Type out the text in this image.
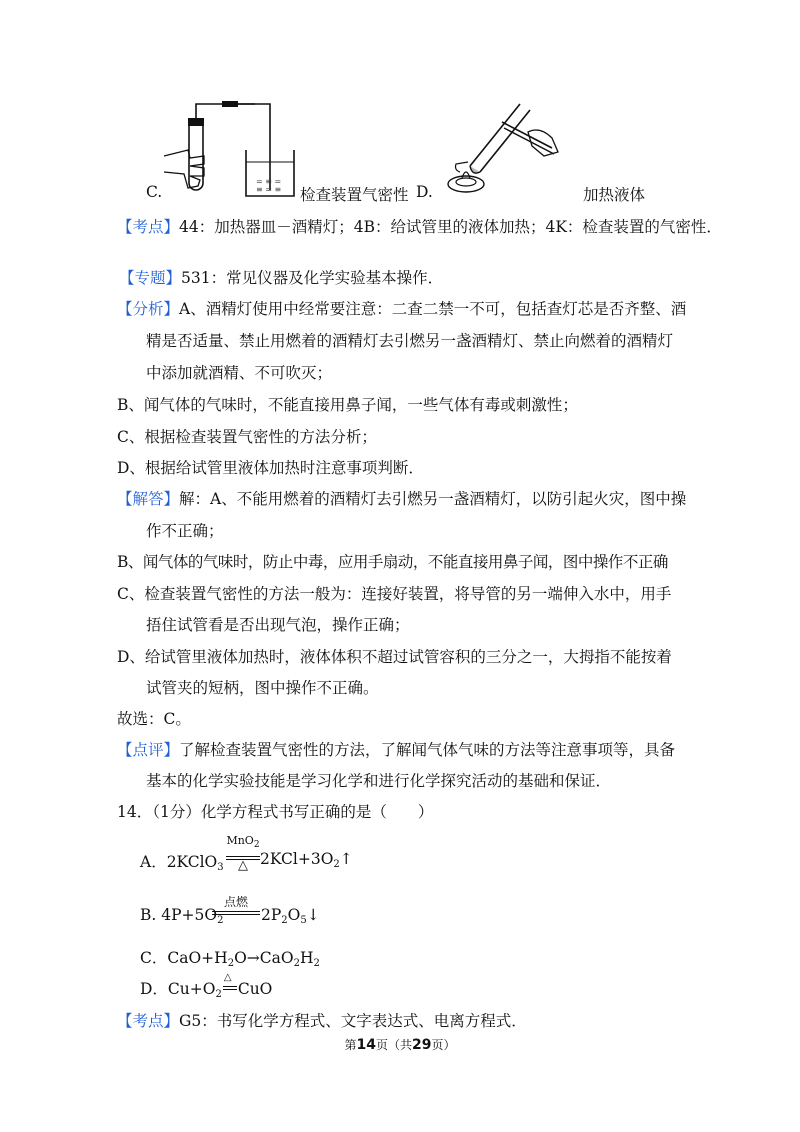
= ≡ =
≡ = ≡
C.	检查装置气密性 D.	加热液体
【考点】44：加热器皿－酒精灯；4B：给试管里的液体加热；4K：检查装置的气密性．
【专题】531：常见仪器及化学实验基本操作．
【分析】A、酒精灯使用中经常要注意：二查二禁一不可，包括查灯芯是否齐整、酒
精是否适量、禁止用燃着的酒精灯去引燃另一盏酒精灯、禁止向燃着的酒精灯
中添加就酒精、不可吹灭；
B、闻气体的气味时，不能直接用鼻子闻，一些气体有毒或刺激性；
C、根据检查装置气密性的方法分析；
D、根据给试管里液体加热时注意事项判断．
【解答】解：A、不能用燃着的酒精灯去引燃另一盏酒精灯，以防引起火灾，图中操
作不正确；
B、闻气体的气味时，防止中毒，应用手扇动，不能直接用鼻子闻，图中操作不正确
C、检查装置气密性的方法一般为：连接好装置，将导管的另一端伸入水中，用手
捂住试管看是否出现气泡，操作正确；
D、给试管里液体加热时，液体体积不超过试管容积的三分之一，大拇指不能按着
试管夹的短柄，图中操作不正确。
故选：C。
【点评】了解检查装置气密性的方法，了解闻气体气味的方法等注意事项等，具备
基本的化学实验技能是学习化学和进行化学探究活动的基础和保证．
14．（1分）化学方程式书写正确的是（　　）
A．2KClO$_3$
MnO$_2$
△ $2KCl+3O_2↑$
B. $4P+5O_2$
点燃
$2P_2O_5↓$
C．$CaO+H_2O\to CaO_2H_2$
D．$Cu+O_2$
△
CuO
【考点】G5：书写化学方程式、文字表达式、电离方程式．
第14页（共29页）
